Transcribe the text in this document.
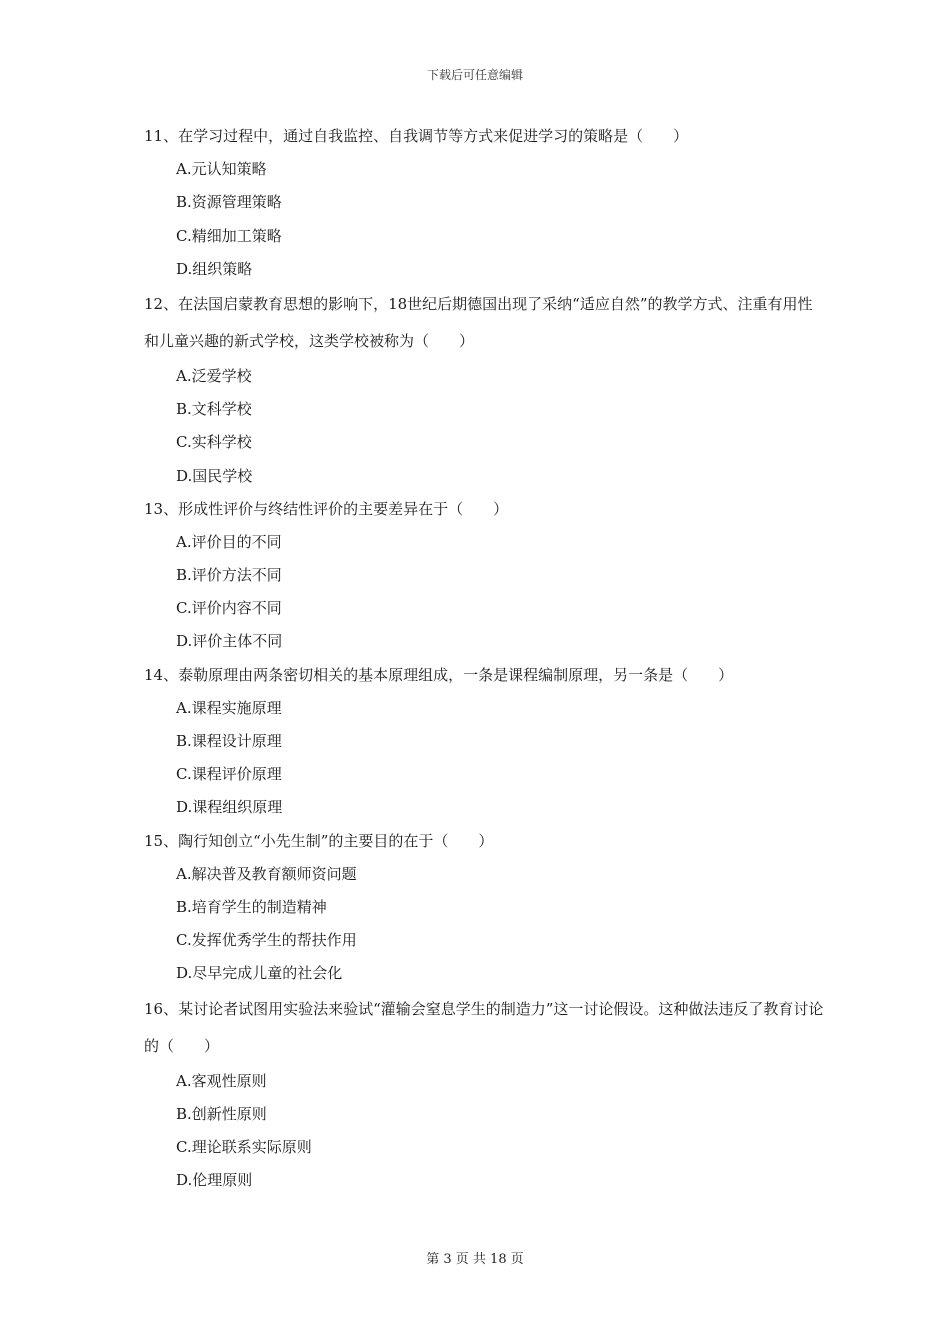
下载后可任意编辑
11、在学习过程中，通过自我监控、自我调节等方式来促进学习的策略是（　　）
A.元认知策略
B.资源管理策略
C.精细加工策略
D.组织策略
12、在法国启蒙教育思想的影响下，18世纪后期德国出现了采纳“适应自然”的教学方式、注重有用性和儿童兴趣的新式学校，这类学校被称为（　　）
A.泛爱学校
B.文科学校
C.实科学校
D.国民学校
13、形成性评价与终结性评价的主要差异在于（　　）
A.评价目的不同
B.评价方法不同
C.评价内容不同
D.评价主体不同
14、泰勒原理由两条密切相关的基本原理组成，一条是课程编制原理，另一条是（　　）
A.课程实施原理
B.课程设计原理
C.课程评价原理
D.课程组织原理
15、陶行知创立“小先生制”的主要目的在于（　　）
A.解决普及教育额师资问题
B.培育学生的制造精神
C.发挥优秀学生的帮扶作用
D.尽早完成儿童的社会化
16、某讨论者试图用实验法来验试“灌输会窒息学生的制造力”这一讨论假设。这种做法违反了教育讨论的（　　）
A.客观性原则
B.创新性原则
C.理论联系实际原则
D.伦理原则
第 3 页 共 18 页
